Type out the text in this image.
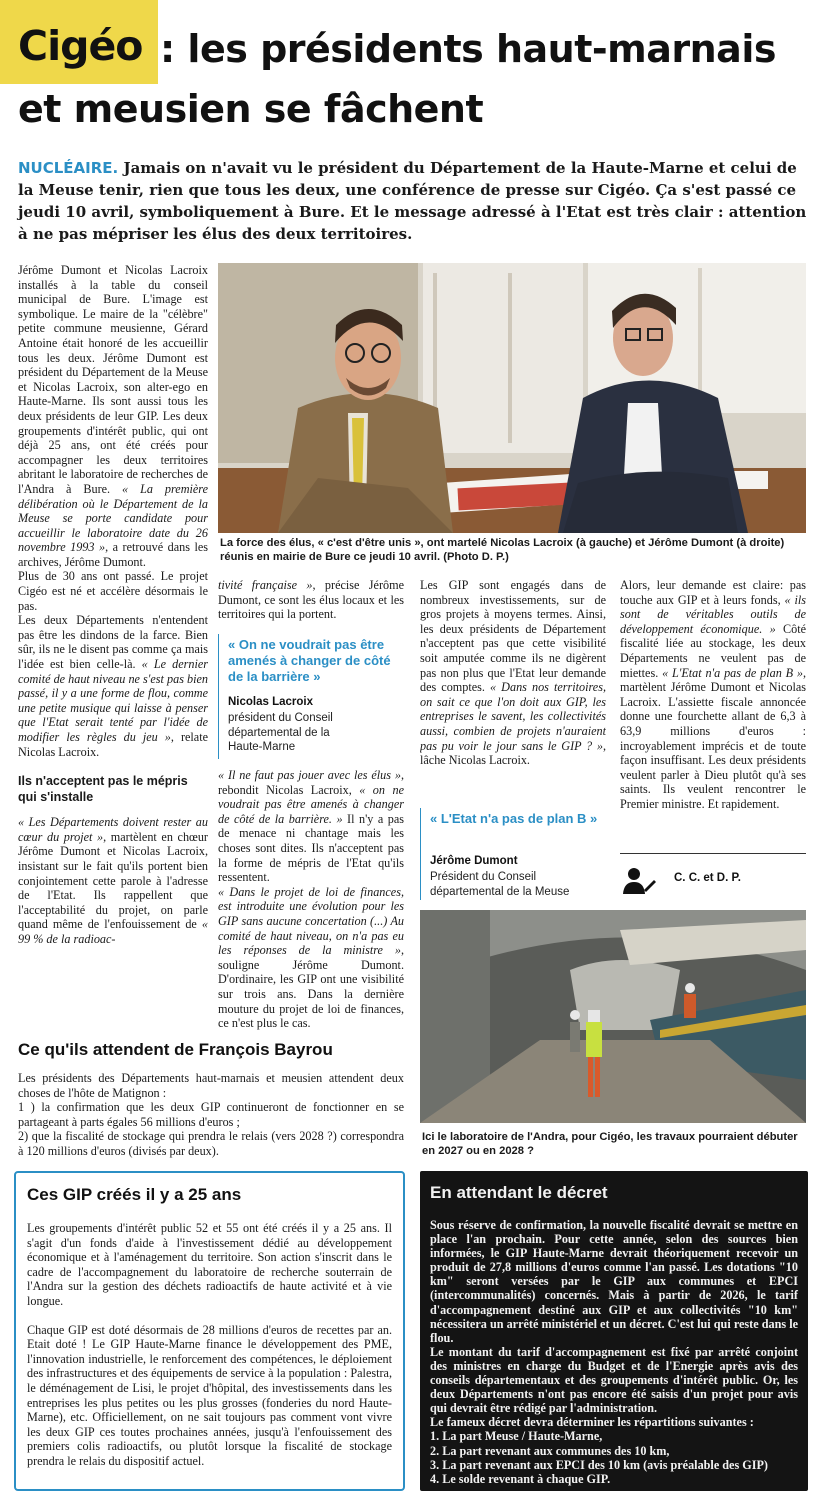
Cigéo : les présidents haut-marnais
et meusien se fâchent
NUCLÉAIRE. Jamais on n'avait vu le président du Département de la Haute-Marne et celui de la Meuse tenir, rien que tous les deux, une conférence de presse sur Cigéo. Ça s'est passé ce jeudi 10 avril, symboliquement à Bure. Et le message adressé à l'Etat est très clair : attention à ne pas mépriser les élus des deux territoires.

Jérôme Dumont et Nicolas Lacroix installés à la table du conseil municipal de Bure. L'image est symbolique. Le maire de la "célèbre" petite commune meusienne, Gérard Antoine était honoré de les accueillir tous les deux. Jérôme Dumont est président du Département de la Meuse et Nicolas Lacroix, son alter-ego en Haute-Marne. Ils sont aussi tous les deux présidents de leur GIP. Les deux groupements d'intérêt public, qui ont déjà 25 ans, ont été créés pour accompagner les deux territoires abritant le laboratoire de recherches de l'Andra à Bure. « La première délibération où le Département de la Meuse se porte candidate pour accueillir le laboratoire date du 26 novembre 1993 », a retrouvé dans les archives, Jérôme Dumont.

Plus de 30 ans ont passé. Le projet Cigéo est né et accélère désormais le pas.

Les deux Départements n'entendent pas être les dindons de la farce. Bien sûr, ils ne le disent pas comme ça mais l'idée est bien celle-là. « Le dernier comité de haut niveau ne s'est pas bien passé, il y a une forme de flou, comme une petite musique qui laisse à penser que l'Etat serait tenté par l'idée de modifier les règles du jeu », relate Nicolas Lacroix.

Ils n'acceptent pas le mépris qui s'installe

« Les Départements doivent rester au cœur du projet », martèlent en chœur Jérôme Dumont et Nicolas Lacroix, insistant sur le fait qu'ils portent bien conjointement cette parole à l'adresse de l'Etat. Ils rappellent que l'acceptabilité du projet, on parle quand même de l'enfouissement de « 99 % de la radioac-

La force des élus, « c'est d'être unis », ont martelé Nicolas Lacroix (à gauche) et Jérôme Dumont (à droite) réunis en mairie de Bure ce jeudi 10 avril. (Photo D. P.)

tivité française », précise Jérôme Dumont, ce sont les élus locaux et les territoires qui la portent.

« On ne voudrait pas être amenés à changer de côté de la barrière »
Nicolas Lacroix
président du Conseil départemental de la Haute-Marne

« Il ne faut pas jouer avec les élus », rebondit Nicolas Lacroix, « on ne voudrait pas être amenés à changer de côté de la barrière. » Il n'y a pas de menace ni chantage mais les choses sont dites. Ils n'acceptent pas la forme de mépris de l'Etat qu'ils ressentent.

« Dans le projet de loi de finances, est introduite une évolution pour les GIP sans aucune concertation (...) Au comité de haut niveau, on n'a pas eu les réponses de la ministre », souligne Jérôme Dumont. D'ordinaire, les GIP ont une visibilité sur trois ans. Dans la dernière mouture du projet de loi de finances, ce n'est plus le cas.

Les GIP sont engagés dans de nombreux investissements, sur de gros projets à moyens termes. Ainsi, les deux présidents de Département n'acceptent pas que cette visibilité soit amputée comme ils ne digèrent pas non plus que l'Etat leur demande des comptes. « Dans nos territoires, on sait ce que l'on doit aux GIP, les entreprises le savent, les collectivités aussi, combien de projets n'auraient pas pu voir le jour sans le GIP ? », lâche Nicolas Lacroix.

« L'Etat n'a pas de plan B »
Jérôme Dumont
Président du Conseil départemental de la Meuse

Alors, leur demande est claire: pas touche aux GIP et à leurs fonds, « ils sont de véritables outils de développement économique. » Côté fiscalité liée au stockage, les deux Départements ne veulent pas de miettes. « L'Etat n'a pas de plan B », martèlent Jérôme Dumont et Nicolas Lacroix. L'assiette fiscale annoncée donne une fourchette allant de 6,3 à 63,9 millions d'euros : incroyablement imprécis et de toute façon insuffisant. Les deux présidents veulent parler à Dieu plutôt qu'à ses saints. Ils veulent rencontrer le Premier ministre. Et rapidement.

C. C. et D. P.
Ici le laboratoire de l'Andra, pour Cigéo, les travaux pourraient débuter en 2027 ou en 2028 ?
Ce qu'ils attendent de François Bayrou

Les présidents des Départements haut-marnais et meusien attendent deux choses de l'hôte de Matignon :

1 ) la confirmation que les deux GIP continueront de fonctionner en se partageant à parts égales 56 millions d'euros ;

2) que la fiscalité de stockage qui prendra le relais (vers 2028 ?) correspondra à 120 millions d'euros (divisés par deux).

Ces GIP créés il y a 25 ans

Les groupements d'intérêt public 52 et 55 ont été créés il y a 25 ans. Il s'agit d'un fonds d'aide à l'investissement dédié au développement économique et à l'aménagement du territoire. Son action s'inscrit dans le cadre de l'accompagnement du laboratoire de recherche souterrain de l'Andra sur la gestion des déchets radioactifs de haute activité et à vie longue.

Chaque GIP est doté désormais de 28 millions d'euros de recettes par an. Etait doté ! Le GIP Haute-Marne finance le développement des PME, l'innovation industrielle, le renforcement des compétences, le déploiement des infrastructures et des équipements de service à la population : Palestra, le déménagement de Lisi, le projet d'hôpital, des investissements dans les entreprises les plus petites ou les plus grosses (fonderies du nord Haute-Marne), etc. Officiellement, on ne sait toujours pas comment vont vivre les deux GIP ces toutes prochaines années, jusqu'à l'enfouissement des premiers colis radioactifs, ou plutôt lorsque la fiscalité de stockage prendra le relais du dispositif actuel.

En attendant le décret

Sous réserve de confirmation, la nouvelle fiscalité devrait se mettre en place l'an prochain. Pour cette année, selon des sources bien informées, le GIP Haute-Marne devrait théoriquement recevoir un produit de 27,8 millions d'euros comme l'an passé. Les dotations "10 km" seront versées par le GIP aux communes et EPCI (intercommunalités) concernés. Mais à partir de 2026, le tarif d'accompagnement destiné aux GIP et aux collectivités "10 km" nécessitera un arrêté ministériel et un décret. C'est lui qui reste dans le flou.

Le montant du tarif d'accompagnement est fixé par arrêté conjoint des ministres en charge du Budget et de l'Energie après avis des conseils départementaux et des groupements d'intérêt public. Or, les deux Départements n'ont pas encore été saisis d'un projet pour avis qui devrait être rédigé par l'administration.

Le fameux décret devra déterminer les répartitions suivantes :

1. La part Meuse / Haute-Marne,

2. La part revenant aux communes des 10 km,

3. La part revenant aux EPCI des 10 km (avis préalable des GIP)

4. Le solde revenant à chaque GIP.
